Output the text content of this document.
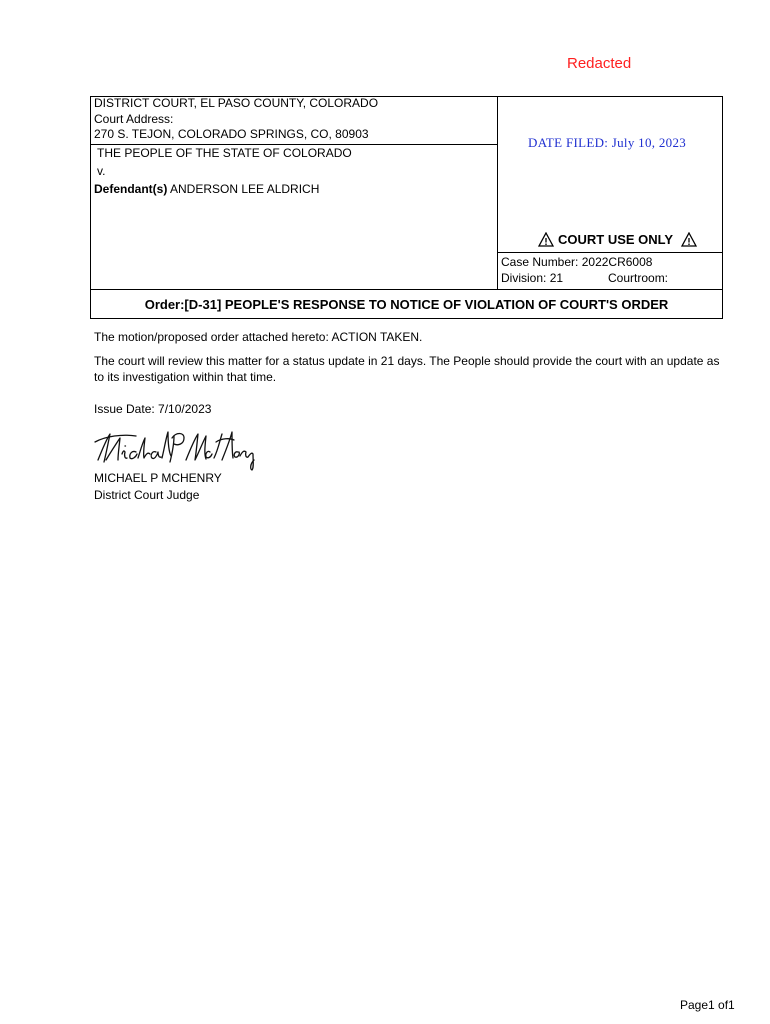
Redacted
DISTRICT COURT, EL PASO COUNTY, COLORADO
Court Address:
270 S. TEJON, COLORADO SPRINGS, CO, 80903
THE PEOPLE OF THE STATE OF COLORADO
v.
Defendant(s) ANDERSON LEE ALDRICH
DATE FILED: July 10, 2023
COURT USE ONLY
Case Number: 2022CR6008
Division: 21	Courtroom:
Order:[D-31] PEOPLE'S RESPONSE TO NOTICE OF VIOLATION OF COURT'S ORDER
The motion/proposed order attached hereto: ACTION TAKEN.
The court will review this matter for a status update in 21 days. The People should provide the court with an update as to its investigation within that time.
Issue Date: 7/10/2023
MICHAEL P MCHENRY
District Court Judge
Page1 of1
